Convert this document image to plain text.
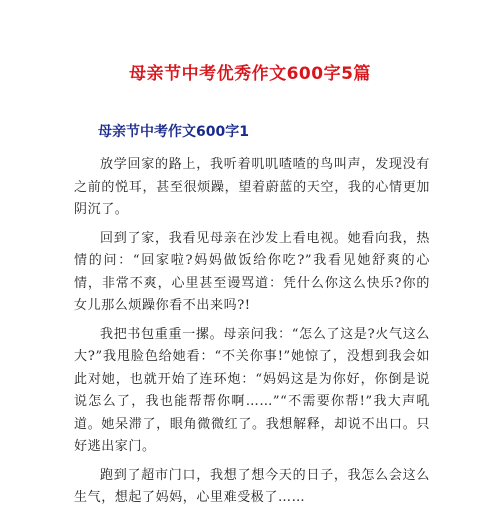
母亲节中考优秀作文600字5篇
母亲节中考作文600字1

放学回家的路上，我听着叽叽喳喳的鸟叫声，发现没有之前的悦耳，甚至很烦躁，望着蔚蓝的天空，我的心情更加阴沉了。

回到了家，我看见母亲在沙发上看电视。她看向我，热情的问：“回家啦?妈妈做饭给你吃?”我看见她舒爽的心情，非常不爽，心里甚至谩骂道：凭什么你这么快乐?你的女儿那么烦躁你看不出来吗?!

我把书包重重一摞。母亲问我：“怎么了这是?火气这么大?”我甩脸色给她看：“不关你事!”她惊了，没想到我会如此对她，也就开始了连环炮：“妈妈这是为你好，你倒是说说怎么了，我也能帮帮你啊……”“不需要你帮!”我大声吼道。她呆滞了，眼角微微红了。我想解释，却说不出口。只好逃出家门。

跑到了超市门口，我想了想今天的日子，我怎么会这么生气，想起了妈妈，心里难受极了……
